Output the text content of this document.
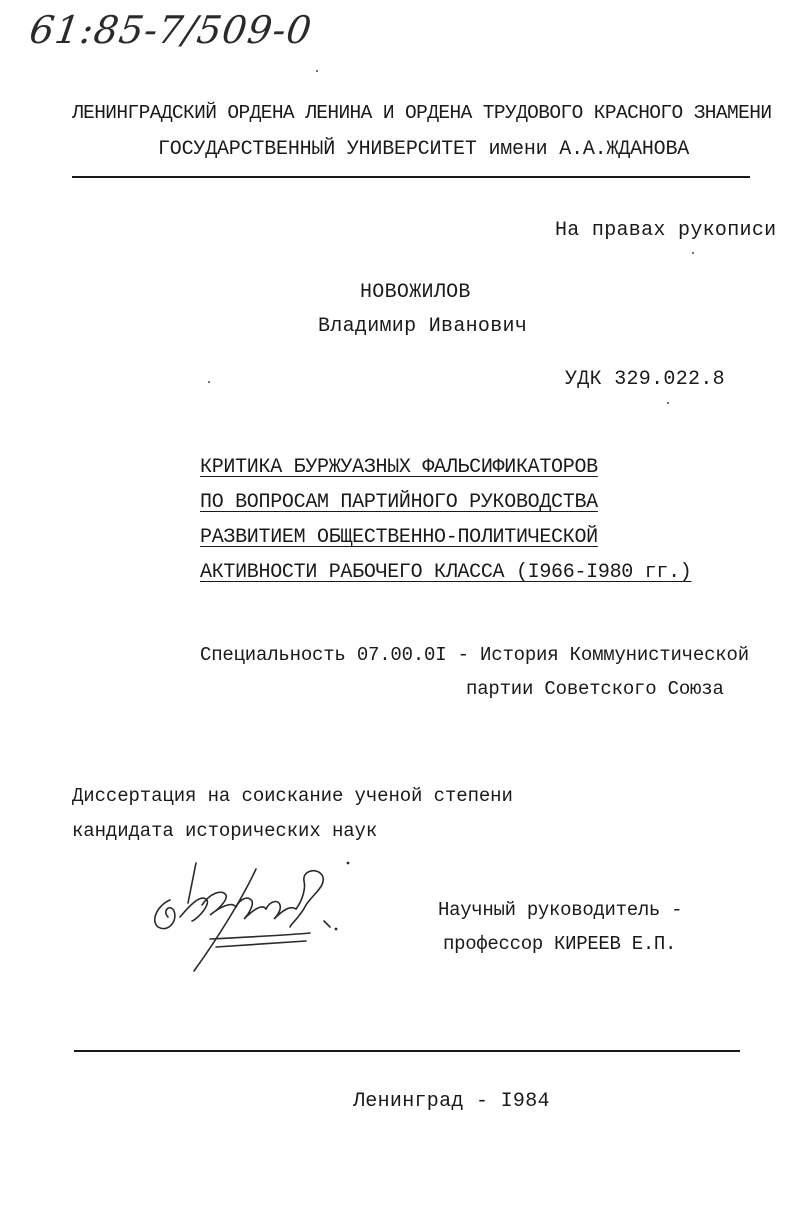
61:85-7/509-0
ЛЕНИНГРАДСКИЙ ОРДЕНА ЛЕНИНА И ОРДЕНА ТРУДОВОГО КРАСНОГО ЗНАМЕНИ
ГОСУДАРСТВЕННЫЙ УНИВЕРСИТЕТ имени А.А.ЖДАНОВА
На правах рукописи
НОВОЖИЛОВ
Владимир Иванович
УДК 329.022.8
КРИТИКА БУРЖУАЗНЫХ ФАЛЬСИФИКАТОРОВ
ПО ВОПРОСАМ ПАРТИЙНОГО РУКОВОДСТВА
РАЗВИТИЕМ ОБЩЕСТВЕННО-ПОЛИТИЧЕСКОЙ
АКТИВНОСТИ РАБОЧЕГО КЛАССА (I966-I980 гг.)
Специальность 07.00.0I - История Коммунистической
партии Советского Союза
Диссертация на соискание ученой степени
кандидата исторических наук
Научный руководитель -
профессор КИРЕЕВ Е.П.
Ленинград - I984
